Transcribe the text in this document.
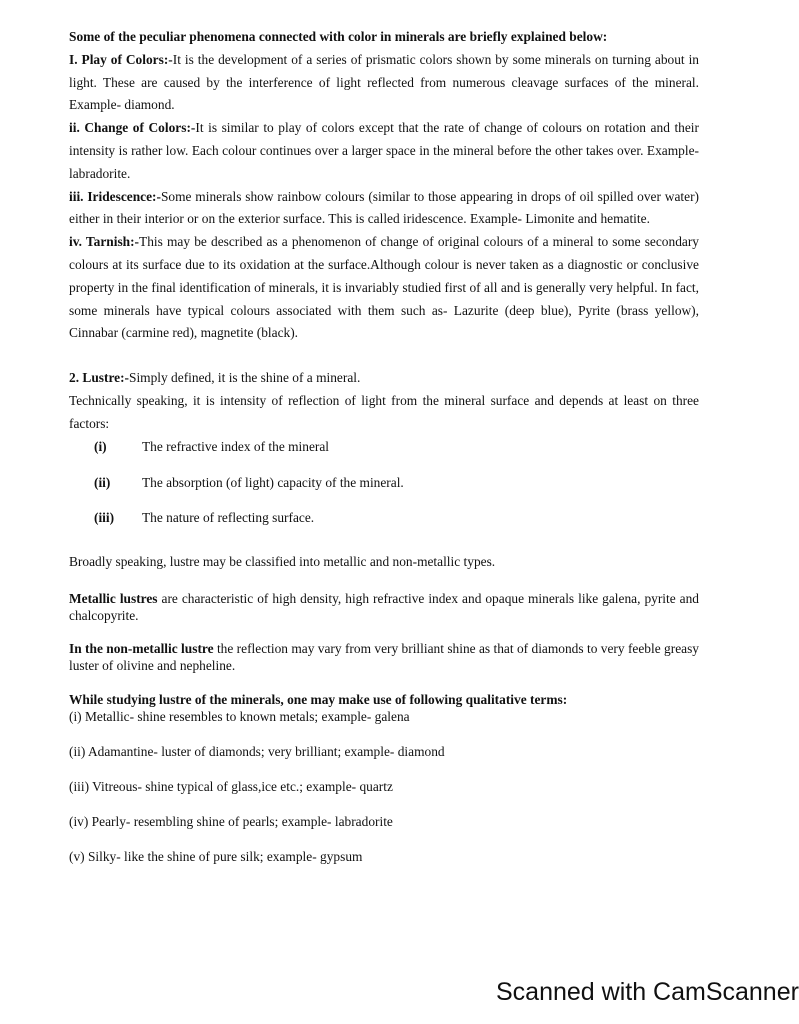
Some of the peculiar phenomena connected with color in minerals are briefly explained below:

I. Play of Colors:-It is the development of a series of prismatic colors shown by some minerals on turning about in light. These are caused by the interference of light reflected from numerous cleavage surfaces of the mineral. Example- diamond.

ii. Change of Colors:-It is similar to play of colors except that the rate of change of colours on rotation and their intensity is rather low. Each colour continues over a larger space in the mineral before the other takes over. Example- labradorite.

iii. Iridescence:-Some minerals show rainbow colours (similar to those appearing in drops of oil spilled over water) either in their interior or on the exterior surface. This is called iridescence. Example- Limonite and hematite.

iv. Tarnish:-This may be described as a phenomenon of change of original colours of a mineral to some secondary colours at its surface due to its oxidation at the surface.Although colour is never taken as a diagnostic or conclusive property in the final identification of minerals, it is invariably studied first of all and is generally very helpful. In fact, some minerals have typical colours associated with them such as- Lazurite (deep blue), Pyrite (brass yellow), Cinnabar (carmine red), magnetite (black).

2. Lustre:-Simply defined, it is the shine of a mineral.

Technically speaking, it is intensity of reflection of light from the mineral surface and depends at least on three factors:

(i)	The refractive index of the mineral
(ii)	The absorption (of light) capacity of the mineral.
(iii)	The nature of reflecting surface.

Broadly speaking, lustre may be classified into metallic and non-metallic types.

Metallic lustres are characteristic of high density, high refractive index and opaque minerals like galena, pyrite and chalcopyrite.

In the non-metallic lustre the reflection may vary from very brilliant shine as that of diamonds to very feeble greasy luster of olivine and nepheline.

While studying lustre of the minerals, one may make use of following qualitative terms:

(i) Metallic- shine resembles to known metals; example- galena

(ii) Adamantine- luster of diamonds; very brilliant; example- diamond

(iii) Vitreous- shine typical of glass,ice etc.; example- quartz

(iv) Pearly- resembling shine of pearls; example- labradorite

(v) Silky- like the shine of pure silk; example- gypsum

Scanned with CamScanner
